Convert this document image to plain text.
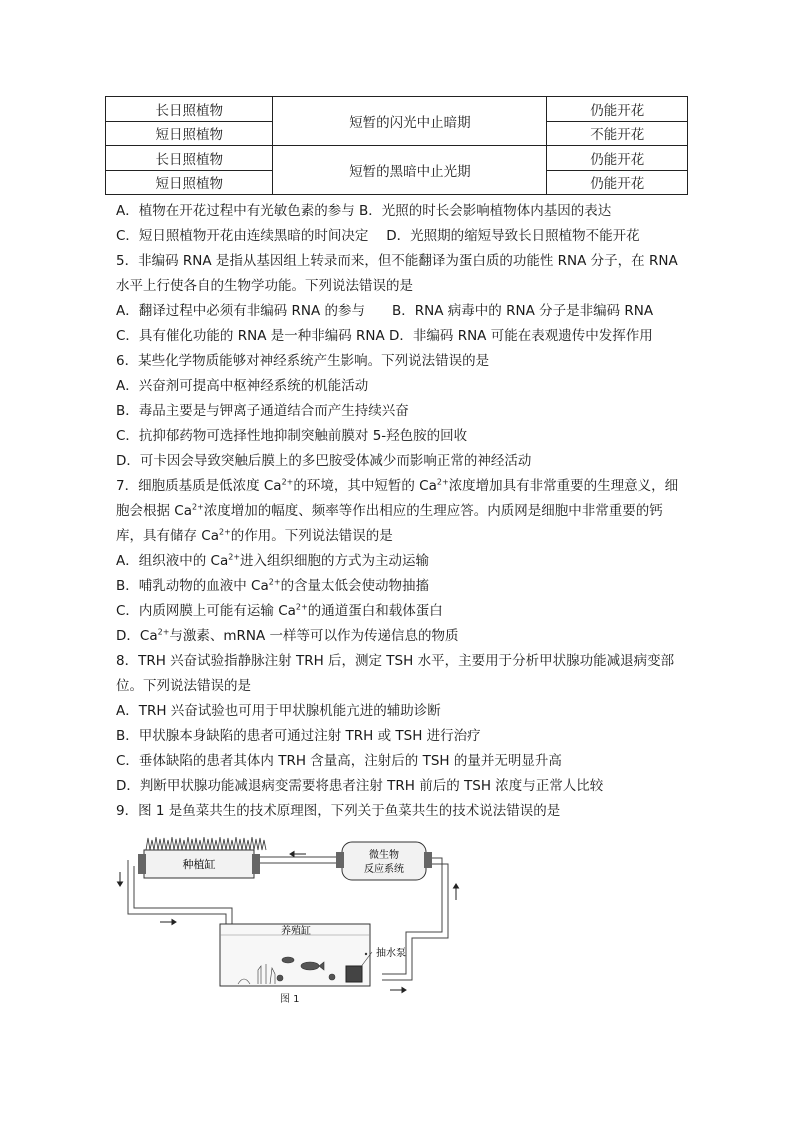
长日照植物	短暂的闪光中止暗期	仍能开花
短日照植物		不能开花
长日照植物	短暂的黑暗中止光期	仍能开花
短日照植物		仍能开花
A．植物在开花过程中有光敏色素的参与 B．光照的时长会影响植物体内基因的表达
C．短日照植物开花由连续黑暗的时间决定　 D．光照期的缩短导致长日照植物不能开花
5．非编码 RNA 是指从基因组上转录而来，但不能翻译为蛋白质的功能性 RNA 分子，在 RNA
水平上行使各自的生物学功能。下列说法错误的是
A．翻译过程中必须有非编码 RNA 的参与　　B．RNA 病毒中的 RNA 分子是非编码 RNA
C．具有催化功能的 RNA 是一种非编码 RNA D．非编码 RNA 可能在表观遗传中发挥作用
6．某些化学物质能够对神经系统产生影响。下列说法错误的是
A．兴奋剂可提高中枢神经系统的机能活动
B．毒品主要是与钾离子通道结合而产生持续兴奋
C．抗抑郁药物可选择性地抑制突触前膜对 5-羟色胺的回收
D．可卡因会导致突触后膜上的多巴胺受体减少而影响正常的神经活动
7．细胞质基质是低浓度 $Ca^{2+}$的环境，其中短暂的 $Ca^{2+}$浓度增加具有非常重要的生理意义，细
胞会根据 $Ca^{2+}$浓度增加的幅度、频率等作出相应的生理应答。内质网是细胞中非常重要的钙
库，具有储存 $Ca^{2+}$的作用。下列说法错误的是
A．组织液中的 $Ca^{2+}$进入组织细胞的方式为主动运输
B．哺乳动物的血液中 $Ca^{2+}$的含量太低会使动物抽搐
C．内质网膜上可能有运输 $Ca^{2+}$的通道蛋白和载体蛋白
D．$Ca^{2+}$与激素、mRNA 一样等可以作为传递信息的物质
8．TRH 兴奋试验指静脉注射 TRH 后，测定 TSH 水平，主要用于分析甲状腺功能减退病变部
位。下列说法错误的是
A．TRH 兴奋试验也可用于甲状腺机能亢进的辅助诊断
B．甲状腺本身缺陷的患者可通过注射 TRH 或 TSH 进行治疗
C．垂体缺陷的患者其体内 TRH 含量高，注射后的 TSH 的量并无明显升高
D．判断甲状腺功能减退病变需要将患者注射 TRH 前后的 TSH 浓度与正常人比较
9．图 1 是鱼菜共生的技术原理图，下列关于鱼菜共生的技术说法错误的是
种植缸
微生物
反应系统
养殖缸
抽水泵
图 1
